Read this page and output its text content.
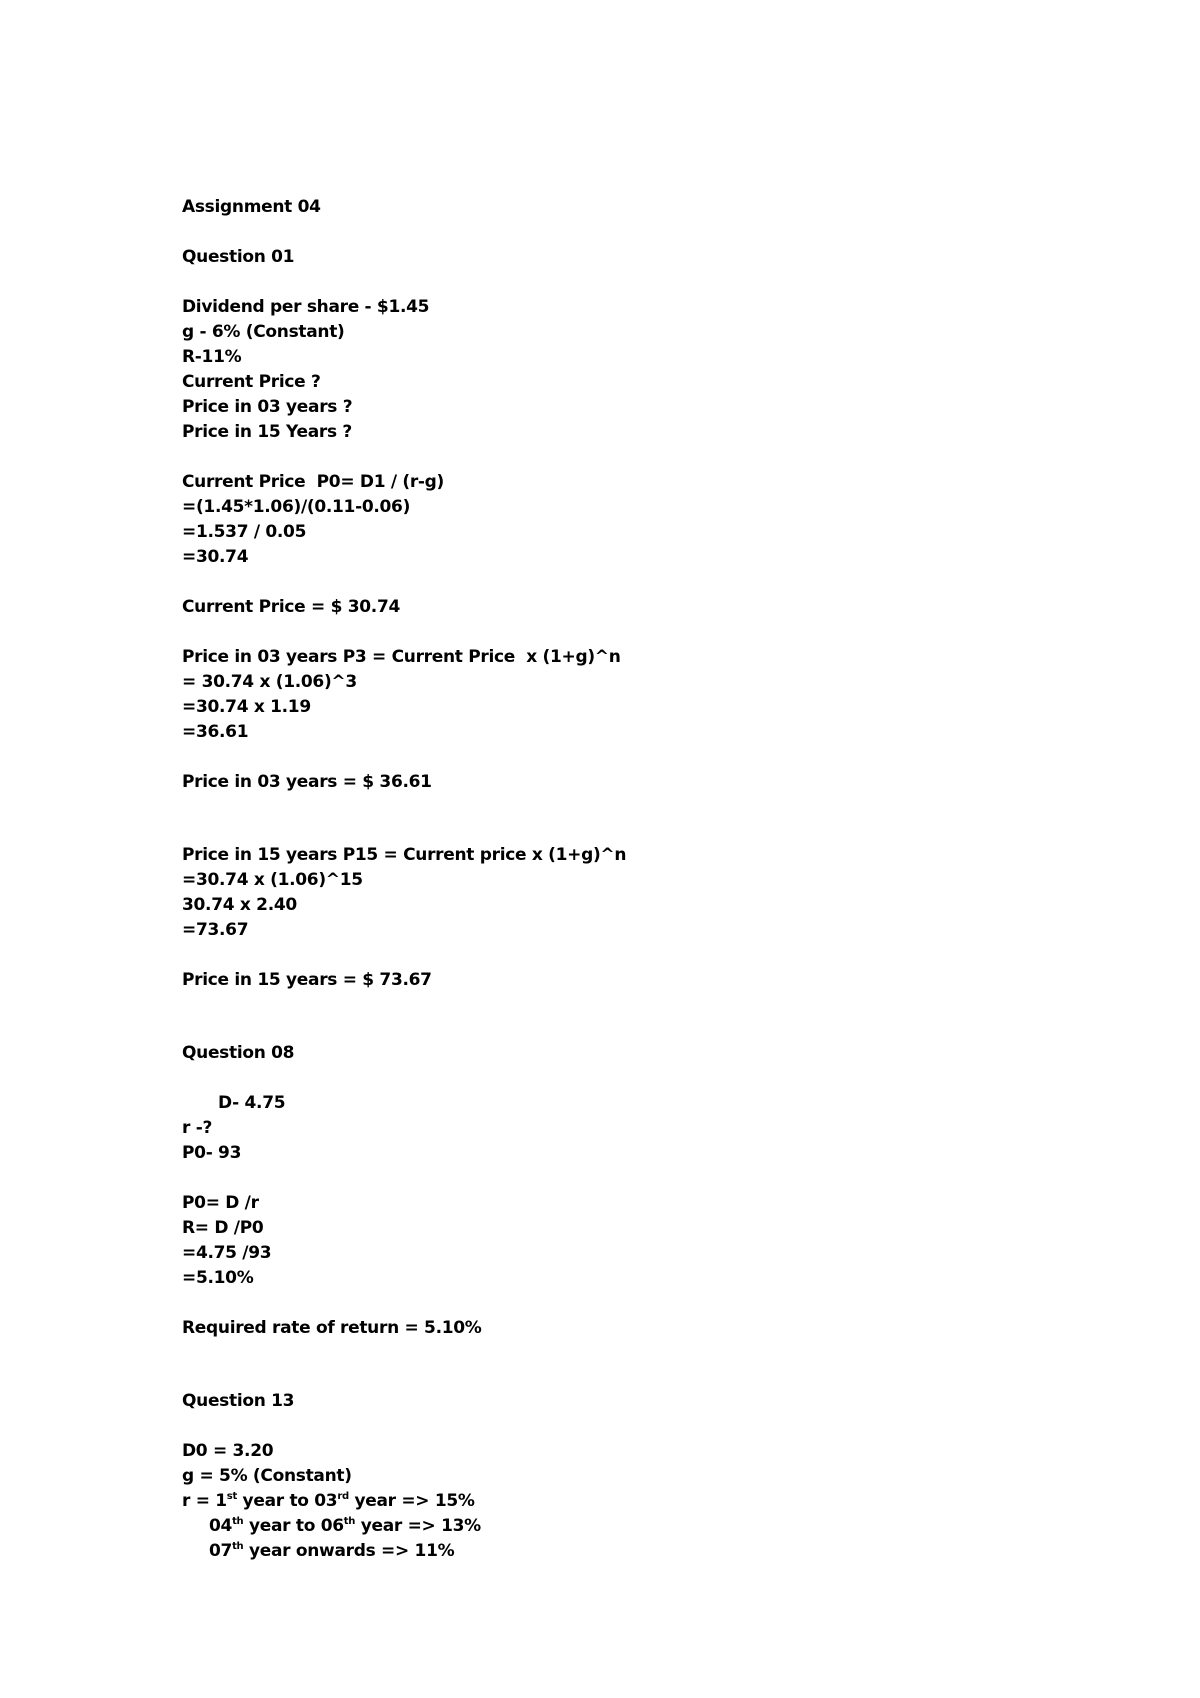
Assignment 04
Question 01
Dividend per share - $1.45
g - 6% (Constant)
R-11%
Current Price ?
Price in 03 years ?
Price in 15 Years ?
Current Price  P0= D1 / (r-g)
=(1.45*1.06)/(0.11-0.06)
=1.537 / 0.05
=30.74
Current Price = $ 30.74
Price in 03 years P3 = Current Price  x (1+g)^n
= 30.74 x (1.06)^3
=30.74 x 1.19
=36.61
Price in 03 years = $ 36.61
Price in 15 years P15 = Current price x (1+g)^n
=30.74 x (1.06)^15
30.74 x 2.40
=73.67
Price in 15 years = $ 73.67
Question 08
D- 4.75
r -?
P0- 93
P0= D /r
R= D /P0
=4.75 /93
=5.10%
Required rate of return = 5.10%
Question 13
D0 = 3.20
g = 5% (Constant)
r = 1st year to 03rd year => 15%
04th year to 06th year => 13%
07th year onwards => 11%
